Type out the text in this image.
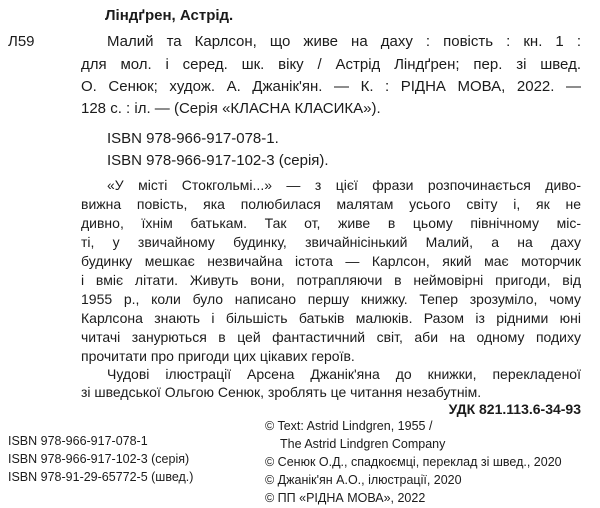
Ліндґрен, Астрід.
Л59	Малий та Карлсон, що живе на даху : повість : кн. 1 :
для мол. і серед. шк. віку / Астрід Ліндґрен; пер. зі швед.
О. Сенюк; худож. А. Джанік'ян. — К. : РІДНА МОВА, 2022. —
128 с. : іл. — (Серія «КЛАСНА КЛАСИКА»).
ISBN 978-966-917-078-1.
ISBN 978-966-917-102-3 (серія).
«У місті Стокгольмі...» — з цієї фрази розпочинається диво-
вижна повість, яка полюбилася малятам усього світу і, як не
дивно, їхнім батькам. Так от, живе в цьому північному міс-
ті, у звичайному будинку, звичайнісінький Малий, а на даху
будинку мешкає незвичайна істота — Карлсон, який має моторчик
і вміє літати. Живуть вони, потрапляючи в неймовірні пригоди, від
1955 р., коли було написано першу книжку. Тепер зрозуміло, чому
Карлсона знають і більшість батьків малюків. Разом із рідними юні
читачі занурються в цей фантастичний світ, аби на одному подиху
прочитати про пригоди цих цікавих героїв.
Чудові ілюстрації Арсена Джанік'яна до книжки, перекладеної
зі шведської Ольгою Сенюк, зроблять це читання незабутнім.
УДК 821.113.6-34-93
ISBN 978-966-917-078-1
ISBN 978-966-917-102-3 (серія)
ISBN 978-91-29-65772-5 (швед.)
© Text: Astrid Lindgren, 1955 /
The Astrid Lindgren Company
© Сенюк О.Д., спадкоємці, переклад зі швед., 2020
© Джанік'ян А.О., ілюстрації, 2020
© ПП «РІДНА МОВА», 2022
